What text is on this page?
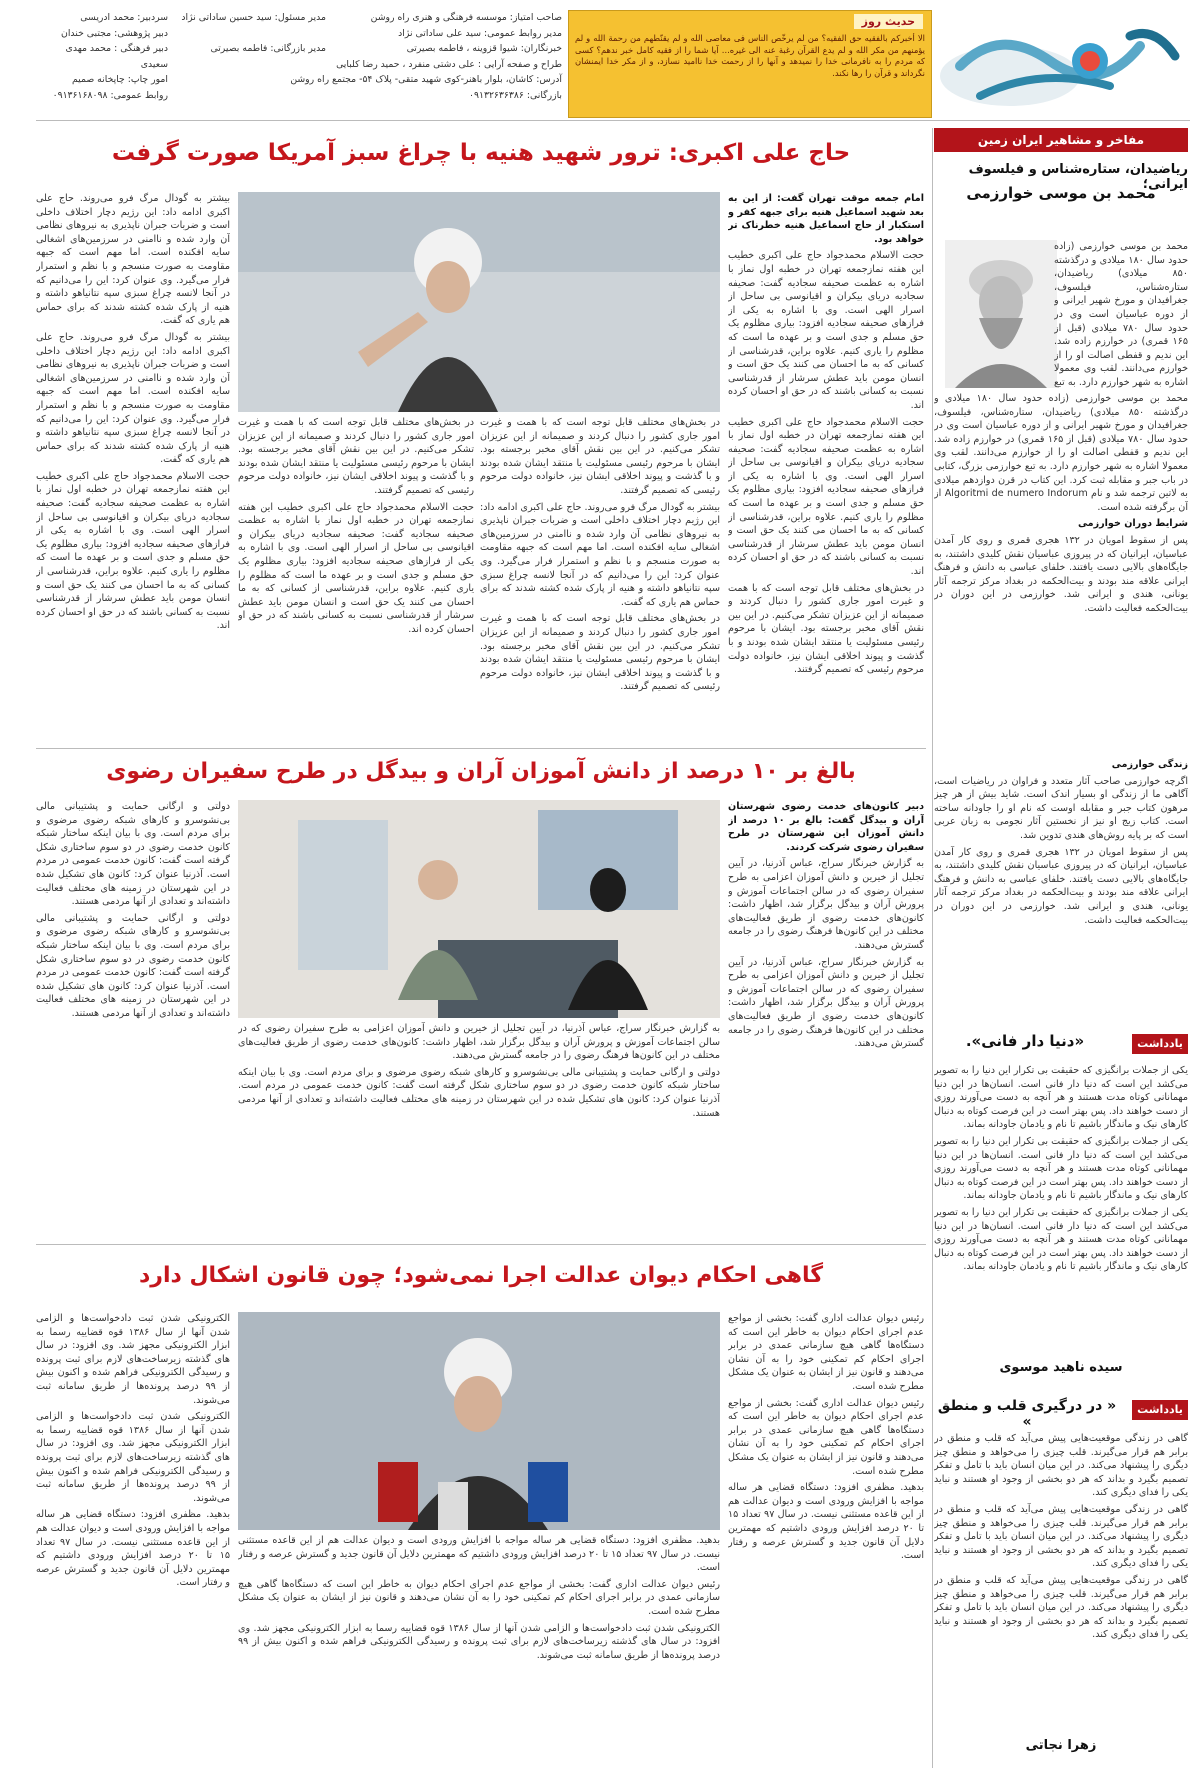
حدیث روز
الا أخبرکم بالفقیه حق الفقیه؟ من لم یرخّص الناس فی معاصی الله و لم یقنّطهم من رحمة الله و لم یؤمنهم من مکر الله و لم یدع القرآن رغبة عنه الی غیره... آیا شما را از فقیه کامل خبر ندهم؟ کسی که مردم را به نافرمانی خدا را نمیدهد و آنها را از رحمت خدا ناامید نسازد، و از مکر خدا ایمنشان نگرداند و قرآن را رها نکند.
صاحب امتیاز: موسسه فرهنگی و هنری راه روشن
مدیر روابط عمومی: سید علی ساداتی نژاد
خبرنگاران: شیوا قزوینه ، فاطمه بصیرتی
طراح و صفحه آرایی : علی دشتی منفرد ، حمید رضا کلبایی
آدرس: کاشان، بلوار باهنر-کوی شهید متقی- پلاک ۵۴- مجتمع راه روشن
بازرگانی: ۰۹۱۳۲۶۳۶۳۸۶
مدیر مسئول: سید حسین ساداتی نژاد
مدیر بازرگانی: فاطمه بصیرتی
سردبیر: محمد ادریسی
دبیر پژوهشی: مجتبی خندان
دبیر فرهنگی : محمد مهدی سعیدی
امور چاپ: چاپخانه صمیم
روابط عمومی: ۰۹۱۳۶۱۶۸۰۹۸
مفاخر و مشاهیر ایران زمین
ریاضیدان، ستاره‌شناس و فیلسوف ایرانی؛
محمد بن موسی خوارزمی
محمد بن موسی خوارزمی (زاده حدود سال ۱۸۰ میلادی و درگذشته ۸۵۰ میلادی) ریاضیدان، ستاره‌شناس، فیلسوف، جغرافیدان و مورخ شهیر ایرانی و از دوره عباسیان است وی در حدود سال ۷۸۰ میلادی (قبل از ۱۶۵ قمری) در خوارزم زاده شد. این ندیم و قفطی اصالت او را از خوارزم می‌دانند. لقب وی معمولا اشاره به شهر خوارزم دارد. به تبع

محمد بن موسی خوارزمی (زاده حدود سال ۱۸۰ میلادی و درگذشته ۸۵۰ میلادی) ریاضیدان، ستاره‌شناس، فیلسوف، جغرافیدان و مورخ شهیر ایرانی و از دوره عباسیان است وی در حدود سال ۷۸۰ میلادی (قبل از ۱۶۵ قمری) در خوارزم زاده شد. این ندیم و قفطی اصالت او را از خوارزم می‌دانند. لقب وی معمولا اشاره به شهر خوارزم دارد. به تبع خوارزمی بزرگ، کتابی در باب جبر و مقابله ثبت کرد. این کتاب در قرن دوازدهم میلادی به لاتین ترجمه شد و نام Algoritmi de numero Indorum از آن برگرفته شده است.

شرایط دوران خوارزمی

پس از سقوط امویان در ۱۳۲ هجری قمری و روی کار آمدن عباسیان، ایرانیان که در پیروزی عباسیان نقش کلیدی داشتند، به جایگاه‌های بالایی دست یافتند. خلفای عباسی به دانش و فرهنگ ایرانی علاقه مند بودند و بیت‌الحکمه در بغداد مرکز ترجمه آثار یونانی، هندی و ایرانی شد. خوارزمی در این دوران در بیت‌الحکمه فعالیت داشت.

زندگی خوارزمی

اگرچه خوارزمی صاحب آثار متعدد و فراوان در ریاضیات است، آگاهی ما از زندگی او بسیار اندک است. شاید بیش از هر چیز مرهون کتاب جبر و مقابله اوست که نام او را جاودانه ساخته است. کتاب زیج او نیز از نخستین آثار نجومی به زبان عربی است که بر پایه روش‌های هندی تدوین شد.

پس از سقوط امویان در ۱۳۲ هجری قمری و روی کار آمدن عباسیان، ایرانیان که در پیروزی عباسیان نقش کلیدی داشتند، به جایگاه‌های بالایی دست یافتند. خلفای عباسی به دانش و فرهنگ ایرانی علاقه مند بودند و بیت‌الحکمه در بغداد مرکز ترجمه آثار یونانی، هندی و ایرانی شد. خوارزمی در این دوران در بیت‌الحکمه فعالیت داشت.

یادداشت
«دنیا دار فانی».

یکی از جملات برانگیزی که حقیقت بی‌ تکرار این دنیا را به تصویر می‌کشد این است که دنیا دار فانی است. انسان‌ها در این دنیا مهمانانی کوتاه مدت هستند و هر آنچه به دست می‌آورند روزی از دست خواهند داد. پس بهتر است در این فرصت کوتاه به دنبال کارهای نیک و ماندگار باشیم تا نام و یادمان جاودانه بماند.

یکی از جملات برانگیزی که حقیقت بی‌ تکرار این دنیا را به تصویر می‌کشد این است که دنیا دار فانی است. انسان‌ها در این دنیا مهمانانی کوتاه مدت هستند و هر آنچه به دست می‌آورند روزی از دست خواهند داد. پس بهتر است در این فرصت کوتاه به دنبال کارهای نیک و ماندگار باشیم تا نام و یادمان جاودانه بماند.

یکی از جملات برانگیزی که حقیقت بی‌ تکرار این دنیا را به تصویر می‌کشد این است که دنیا دار فانی است. انسان‌ها در این دنیا مهمانانی کوتاه مدت هستند و هر آنچه به دست می‌آورند روزی از دست خواهند داد. پس بهتر است در این فرصت کوتاه به دنبال کارهای نیک و ماندگار باشیم تا نام و یادمان جاودانه بماند.

سیده ناهید موسوی
یادداشت
« در درگیری قلب و منطق »

گاهی در زندگی موقعیت‌هایی پیش می‌آید که قلب و منطق در برابر هم قرار می‌گیرند. قلب چیزی را می‌خواهد و منطق چیز دیگری را پیشنهاد می‌کند. در این میان انسان باید با تامل و تفکر تصمیم بگیرد و بداند که هر دو بخشی از وجود او هستند و نباید یکی را فدای دیگری کند.

گاهی در زندگی موقعیت‌هایی پیش می‌آید که قلب و منطق در برابر هم قرار می‌گیرند. قلب چیزی را می‌خواهد و منطق چیز دیگری را پیشنهاد می‌کند. در این میان انسان باید با تامل و تفکر تصمیم بگیرد و بداند که هر دو بخشی از وجود او هستند و نباید یکی را فدای دیگری کند.

گاهی در زندگی موقعیت‌هایی پیش می‌آید که قلب و منطق در برابر هم قرار می‌گیرند. قلب چیزی را می‌خواهد و منطق چیز دیگری را پیشنهاد می‌کند. در این میان انسان باید با تامل و تفکر تصمیم بگیرد و بداند که هر دو بخشی از وجود او هستند و نباید یکی را فدای دیگری کند.

زهرا نجاتی
حاج علی اکبری: ترور شهید هنیه با چراغ سبز آمریکا صورت گرفت

امام جمعه موقت تهران گفت: از این به بعد شهید اسماعیل هنیه برای جبهه کفر و استکبار از حاج اسماعیل هنیه خطرناک تر خواهد بود.

حجت الاسلام محمدجواد حاج علی اکبری خطیب این هفته نمازجمعه تهران در خطبه اول نماز با اشاره به عظمت صحیفه سجادیه گفت: صحیفه سجادیه دریای بیکران و اقیانوسی بی ساحل از اسرار الهی است. وی با اشاره به یکی از فرازهای صحیفه سجادیه افزود: بیاری مظلوم یک حق مسلم و جدی است و بر عهده ما است که مظلوم را یاری کنیم. علاوه براین، قدرشناسی از کسانی که به ما احسان می کنند یک حق است و انسان مومن باید عطش سرشار از قدرشناسی نسبت به کسانی باشند که در حق او احسان کرده اند.

حجت الاسلام محمدجواد حاج علی اکبری خطیب این هفته نمازجمعه تهران در خطبه اول نماز با اشاره به عظمت صحیفه سجادیه گفت: صحیفه سجادیه دریای بیکران و اقیانوسی بی ساحل از اسرار الهی است. وی با اشاره به یکی از فرازهای صحیفه سجادیه افزود: بیاری مظلوم یک حق مسلم و جدی است و بر عهده ما است که مظلوم را یاری کنیم. علاوه براین، قدرشناسی از کسانی که به ما احسان می کنند یک حق است و انسان مومن باید عطش سرشار از قدرشناسی نسبت به کسانی باشند که در حق او احسان کرده اند.

در بخش‌های مختلف قابل توجه است که با همت و غیرت امور جاری کشور را دنبال کردند و صمیمانه از این عزیزان تشکر می‌کنیم. در این بین نقش آقای مخبر برجسته بود. ایشان با مرحوم رئیسی مسئولیت یا منتقد ایشان شده بودند و با گذشت و پیوند اخلاقی ایشان نیز، خانواده دولت مرحوم رئیسی که تصمیم گرفتند.

بیشتر به گودال مرگ فرو می‌روند. حاج علی اکبری ادامه داد: این رژیم دچار اختلاف داخلی است و ضربات جبران ناپذیری به نیروهای نظامی آن وارد شده و ناامنی در سرزمین‌های اشغالی سایه افکنده است. اما مهم است که جبهه مقاومت به صورت منسجم و با نظم و استمرار فرار می‌گیرد. وی عنوان کرد: این را می‌دانیم که در آنجا لانسه چراغ سبزی سپه نتانیاهو داشته و هنیه از پارک شده کشته شدند که برای حماس هم یاری که گفت.

بیشتر به گودال مرگ فرو می‌روند. حاج علی اکبری ادامه داد: این رژیم دچار اختلاف داخلی است و ضربات جبران ناپذیری به نیروهای نظامی آن وارد شده و ناامنی در سرزمین‌های اشغالی سایه افکنده است. اما مهم است که جبهه مقاومت به صورت منسجم و با نظم و استمرار فرار می‌گیرد. وی عنوان کرد: این را می‌دانیم که در آنجا لانسه چراغ سبزی سپه نتانیاهو داشته و هنیه از پارک شده کشته شدند که برای حماس هم یاری که گفت.

حجت الاسلام محمدجواد حاج علی اکبری خطیب این هفته نمازجمعه تهران در خطبه اول نماز با اشاره به عظمت صحیفه سجادیه گفت: صحیفه سجادیه دریای بیکران و اقیانوسی بی ساحل از اسرار الهی است. وی با اشاره به یکی از فرازهای صحیفه سجادیه افزود: بیاری مظلوم یک حق مسلم و جدی است و بر عهده ما است که مظلوم را یاری کنیم. علاوه براین، قدرشناسی از کسانی که به ما احسان می کنند یک حق است و انسان مومن باید عطش سرشار از قدرشناسی نسبت به کسانی باشند که در حق او احسان کرده اند.

در بخش‌های مختلف قابل توجه است که با همت و غیرت امور جاری کشور را دنبال کردند و صمیمانه از این عزیزان تشکر می‌کنیم. در این بین نقش آقای مخبر برجسته بود. ایشان با مرحوم رئیسی مسئولیت یا منتقد ایشان شده بودند و با گذشت و پیوند اخلاقی ایشان نیز، خانواده دولت مرحوم رئیسی که تصمیم گرفتند.

بیشتر به گودال مرگ فرو می‌روند. حاج علی اکبری ادامه داد: این رژیم دچار اختلاف داخلی است و ضربات جبران ناپذیری به نیروهای نظامی آن وارد شده و ناامنی در سرزمین‌های اشغالی سایه افکنده است. اما مهم است که جبهه مقاومت به صورت منسجم و با نظم و استمرار فرار می‌گیرد. وی عنوان کرد: این را می‌دانیم که در آنجا لانسه چراغ سبزی سپه نتانیاهو داشته و هنیه از پارک شده کشته شدند که برای حماس هم یاری که گفت.

در بخش‌های مختلف قابل توجه است که با همت و غیرت امور جاری کشور را دنبال کردند و صمیمانه از این عزیزان تشکر می‌کنیم. در این بین نقش آقای مخبر برجسته بود. ایشان با مرحوم رئیسی مسئولیت یا منتقد ایشان شده بودند و با گذشت و پیوند اخلاقی ایشان نیز، خانواده دولت مرحوم رئیسی که تصمیم گرفتند.

در بخش‌های مختلف قابل توجه است که با همت و غیرت امور جاری کشور را دنبال کردند و صمیمانه از این عزیزان تشکر می‌کنیم. در این بین نقش آقای مخبر برجسته بود. ایشان با مرحوم رئیسی مسئولیت یا منتقد ایشان شده بودند و با گذشت و پیوند اخلاقی ایشان نیز، خانواده دولت مرحوم رئیسی که تصمیم گرفتند.

حجت الاسلام محمدجواد حاج علی اکبری خطیب این هفته نمازجمعه تهران در خطبه اول نماز با اشاره به عظمت صحیفه سجادیه گفت: صحیفه سجادیه دریای بیکران و اقیانوسی بی ساحل از اسرار الهی است. وی با اشاره به یکی از فرازهای صحیفه سجادیه افزود: بیاری مظلوم یک حق مسلم و جدی است و بر عهده ما است که مظلوم را یاری کنیم. علاوه براین، قدرشناسی از کسانی که به ما احسان می کنند یک حق است و انسان مومن باید عطش سرشار از قدرشناسی نسبت به کسانی باشند که در حق او احسان کرده اند.

بالغ بر ۱۰ درصد از دانش آموزان آران و بیدگل در طرح سفیران رضوی

دبیر کانون‌های خدمت رضوی شهرستان آران و بیدگل گفت: بالغ بر ۱۰ درصد از دانش آموزان این شهرستان در طرح سفیران رضوی شرکت کردند.

به گزارش خبرنگار سراج، عباس آذرنیا، در آیین تجلیل از خیرین و دانش آموزان اعزامی به طرح سفیران رضوی که در سالن اجتماعات آموزش و پرورش آران و بیدگل برگزار شد، اظهار داشت: کانون‌های خدمت رضوی از طریق فعالیت‌های مختلف در این کانون‌ها فرهنگ رضوی را در جامعه گسترش می‌دهند.

به گزارش خبرنگار سراج، عباس آذرنیا، در آیین تجلیل از خیرین و دانش آموزان اعزامی به طرح سفیران رضوی که در سالن اجتماعات آموزش و پرورش آران و بیدگل برگزار شد، اظهار داشت: کانون‌های خدمت رضوی از طریق فعالیت‌های مختلف در این کانون‌ها فرهنگ رضوی را در جامعه گسترش می‌دهند.

دولتی و ارگانی حمایت و پشتیبانی مالی بی‌نشوسرو و کارهای شبکه رضوی مرضوی و برای مردم است. وی با بیان اینکه ساختار شبکه کانون خدمت رضوی در دو سوم ساختاری شکل گرفته است گفت: کانون خدمت عمومی در مردم است. آذرنیا عنوان کرد: کانون های تشکیل شده در این شهرستان در زمینه های مختلف فعالیت داشته‌اند و تعدادی از آنها مردمی هستند.

دولتی و ارگانی حمایت و پشتیبانی مالی بی‌نشوسرو و کارهای شبکه رضوی مرضوی و برای مردم است. وی با بیان اینکه ساختار شبکه کانون خدمت رضوی در دو سوم ساختاری شکل گرفته است گفت: کانون خدمت عمومی در مردم است. آذرنیا عنوان کرد: کانون های تشکیل شده در این شهرستان در زمینه های مختلف فعالیت داشته‌اند و تعدادی از آنها مردمی هستند.

به گزارش خبرنگار سراج، عباس آذرنیا، در آیین تجلیل از خیرین و دانش آموزان اعزامی به طرح سفیران رضوی که در سالن اجتماعات آموزش و پرورش آران و بیدگل برگزار شد، اظهار داشت: کانون‌های خدمت رضوی از طریق فعالیت‌های مختلف در این کانون‌ها فرهنگ رضوی را در جامعه گسترش می‌دهند.

دولتی و ارگانی حمایت و پشتیبانی مالی بی‌نشوسرو و کارهای شبکه رضوی مرضوی و برای مردم است. وی با بیان اینکه ساختار شبکه کانون خدمت رضوی در دو سوم ساختاری شکل گرفته است گفت: کانون خدمت عمومی در مردم است. آذرنیا عنوان کرد: کانون های تشکیل شده در این شهرستان در زمینه های مختلف فعالیت داشته‌اند و تعدادی از آنها مردمی هستند.

گاهی احکام دیوان عدالت اجرا نمی‌شود؛ چون قانون اشکال دارد

رئیس دیوان عدالت اداری گفت: بخشی از مواجع عدم اجرای احکام دیوان به خاطر این است که دستگاه‌ها گاهی هیچ سازمانی عمدی در برابر اجرای احکام کم تمکینی خود را به آن نشان می‌دهند و قانون نیز از ایشان به عنوان یک مشکل مطرح شده است.

رئیس دیوان عدالت اداری گفت: بخشی از مواجع عدم اجرای احکام دیوان به خاطر این است که دستگاه‌ها گاهی هیچ سازمانی عمدی در برابر اجرای احکام کم تمکینی خود را به آن نشان می‌دهند و قانون نیز از ایشان به عنوان یک مشکل مطرح شده است.

بدهید. مظفری افزود: دستگاه قضایی هر ساله مواجه با افزایش ورودی است و دیوان عدالت هم از این قاعده مستثنی نیست. در سال ۹۷ تعداد ۱۵ تا ۲۰ درصد افزایش ورودی داشتیم که مهمترین دلایل آن قانون جدید و گسترش عرصه و رفتار است.

الکترونیکی شدن ثبت دادخواست‌ها و الزامی شدن آنها از سال ۱۳۸۶ قوه قضاییه رسما به ابزار الکترونیکی مجهز شد. وی افزود: در سال های گذشته زیرساخت‌های لازم برای ثبت پرونده و رسیدگی الکترونیکی فراهم شده و اکنون بیش از ۹۹ درصد پرونده‌ها از طریق سامانه ثبت می‌شوند.

الکترونیکی شدن ثبت دادخواست‌ها و الزامی شدن آنها از سال ۱۳۸۶ قوه قضاییه رسما به ابزار الکترونیکی مجهز شد. وی افزود: در سال های گذشته زیرساخت‌های لازم برای ثبت پرونده و رسیدگی الکترونیکی فراهم شده و اکنون بیش از ۹۹ درصد پرونده‌ها از طریق سامانه ثبت می‌شوند.

بدهید. مظفری افزود: دستگاه قضایی هر ساله مواجه با افزایش ورودی است و دیوان عدالت هم از این قاعده مستثنی نیست. در سال ۹۷ تعداد ۱۵ تا ۲۰ درصد افزایش ورودی داشتیم که مهمترین دلایل آن قانون جدید و گسترش عرصه و رفتار است.

بدهید. مظفری افزود: دستگاه قضایی هر ساله مواجه با افزایش ورودی است و دیوان عدالت هم از این قاعده مستثنی نیست. در سال ۹۷ تعداد ۱۵ تا ۲۰ درصد افزایش ورودی داشتیم که مهمترین دلایل آن قانون جدید و گسترش عرصه و رفتار است.

رئیس دیوان عدالت اداری گفت: بخشی از مواجع عدم اجرای احکام دیوان به خاطر این است که دستگاه‌ها گاهی هیچ سازمانی عمدی در برابر اجرای احکام کم تمکینی خود را به آن نشان می‌دهند و قانون نیز از ایشان به عنوان یک مشکل مطرح شده است.

الکترونیکی شدن ثبت دادخواست‌ها و الزامی شدن آنها از سال ۱۳۸۶ قوه قضاییه رسما به ابزار الکترونیکی مجهز شد. وی افزود: در سال های گذشته زیرساخت‌های لازم برای ثبت پرونده و رسیدگی الکترونیکی فراهم شده و اکنون بیش از ۹۹ درصد پرونده‌ها از طریق سامانه ثبت می‌شوند.
